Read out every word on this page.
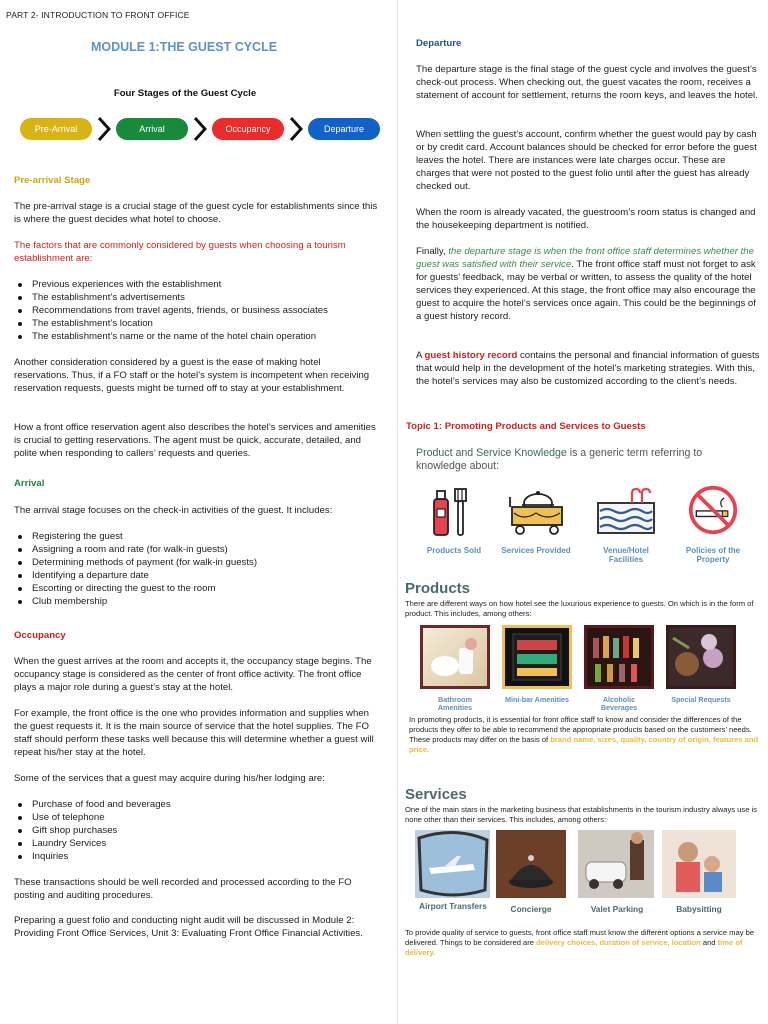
PART 2- INTRODUCTION TO FRONT OFFICE
MODULE 1:THE GUEST CYCLE
Four Stages of the Guest Cycle
Pre-Arrival	Arrival	Occupancy	Departure
Pre-arrival Stage
The pre-arrival stage is a crucial stage of the guest cycle for establishments since this is where the guest decides what hotel to choose.
The factors that are commonly considered by guests when choosing a tourism establishment are:
Previous experiences with the establishment
The establishment’s advertisements
Recommendations from travel agents, friends, or business associates
The establishment’s location
The establishment’s name or the name of the hotel chain operation
Another consideration considered by a guest is the ease of making hotel reservations. Thus, if a FO staff or the hotel’s system is incompetent when receiving reservation requests, guests might be turned off to stay at your establishment.
How a front office reservation agent also describes the hotel’s services and amenities is crucial to getting reservations. The agent must be quick, accurate, detailed, and polite when responding to callers’ requests and queries.
Arrival
The arrival stage focuses on the check-in activities of the guest. It includes:
Registering the guest
Assigning a room and rate (for walk-in guests)
Determining methods of payment (for walk-in guests)
Identifying a departure date
Escorting or directing the guest to the room
Club membership
Occupancy
When the guest arrives at the room and accepts it, the occupancy stage begins. The occupancy stage is considered as the center of front office activity. The front office plays a major role during a guest’s stay at the hotel.
For example, the front office is the one who provides information and supplies when the guest requests it. It is the main source of service that the hotel supplies. The FO staff should perform these tasks well because this will determine whether a guest will repeat his/her stay at the hotel.
Some of the services that a guest may acquire during his/her lodging are:
Purchase of food and beverages
Use of telephone
Gift shop purchases
Laundry Services
Inquiries
These transactions should be well recorded and processed according to the FO posting and auditing procedures.
Preparing a guest folio and conducting night audit will be discussed in Module 2: Providing Front Office Services, Unit 3: Evaluating Front Office Financial Activities.
Departure
The departure stage is the final stage of the guest cycle and involves the guest’s check-out process. When checking out, the guest vacates the room, receives a statement of account for settlement, returns the room keys, and leaves the hotel.
When settling the guest’s account, confirm whether the guest would pay by cash or by credit card. Account balances should be checked for error before the guest leaves the hotel. There are instances were late charges occur. These are charges that were not posted to the guest folio until after the guest has already checked out.
When the room is already vacated, the guestroom’s room status is changed and the housekeeping department is notified.
Finally, the departure stage is when the front office staff determines whether the guest was satisfied with their service. The front office staff must not forget to ask for guests’ feedback, may be verbal or written, to assess the quality of the hotel services they experienced. At this stage, the front office may also encourage the guest to acquire the hotel’s services once again. This could be the beginnings of a guest history record.
A guest history record contains the personal and financial information of guests that would help in the development of the hotel’s marketing strategies. With this, the hotel’s services may also be customized according to the client’s needs.
Topic 1: Promoting Products and Services to Guests
Product and Service Knowledge is a generic term referring to knowledge about:
Products Sold	Services Provided	Venue/Hotel Facilities
Policies of the Property
Products
There are different ways on how hotel see the luxurious experience to guests. On which is in the form of product. This includes, among others:
Bathroom Amenities
Mini-bar Amenities	Alcoholic Beverages
Special Requests
In promoting products, it is essential for front office staff to know and consider the differences of the products they offer to be able to recommend the appropriate products based on the customers’ needs. These products may differ on the basis of brand name, sizes, quality, country of origin, features and price.
Services
One of the main stars in the marketing business that establishments in the tourism industry always use is none other than their services. This includes, among others:
Airport Transfers	Concierge	Valet Parking	Babysitting
To provide quality of service to guests, front office staff must know the different options a service may be delivered. Things to be considered are delivery choices, duration of service, location and time of delivery.
